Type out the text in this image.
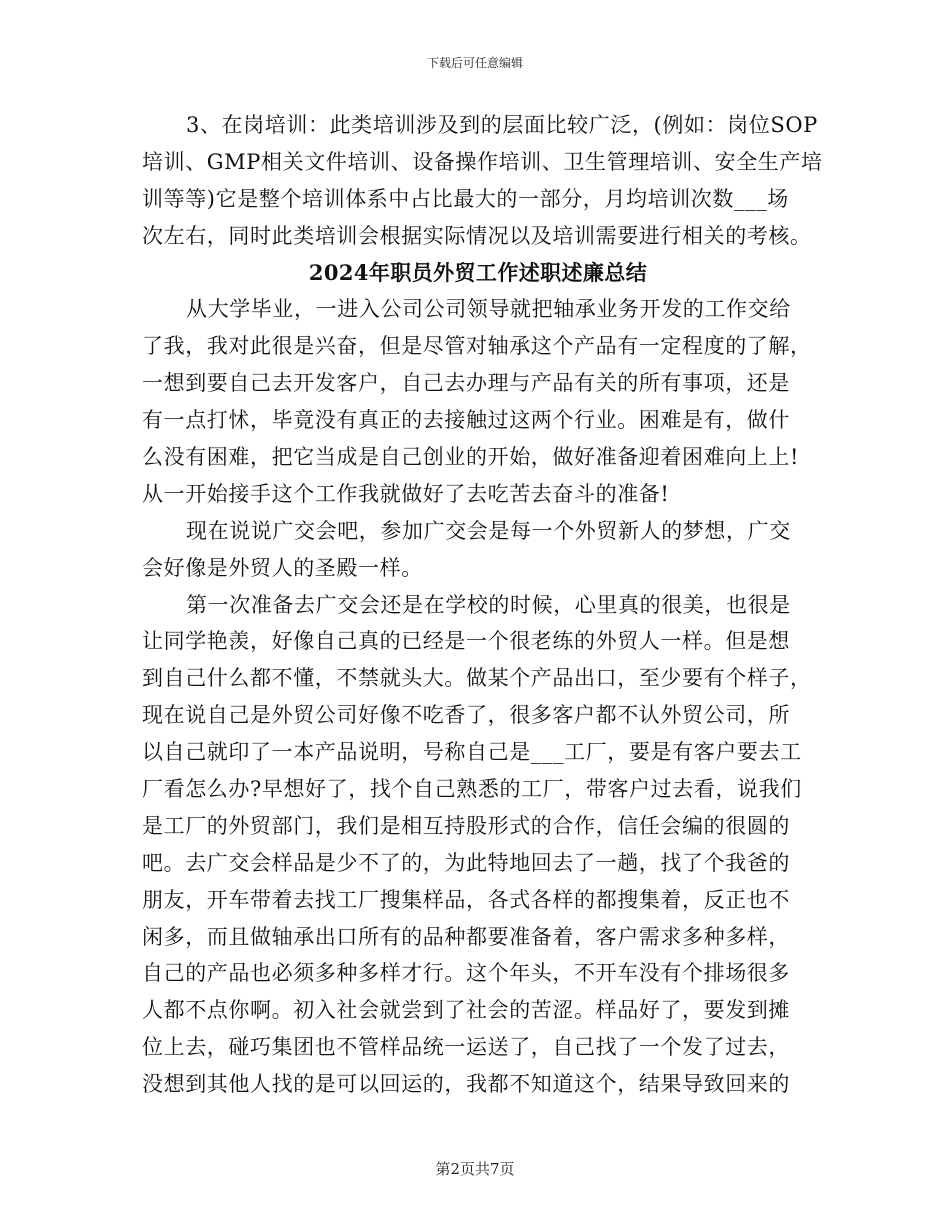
下载后可任意编辑
3、在岗培训：此类培训涉及到的层面比较广泛，(例如：岗位SOP
培训、GMP相关文件培训、设备操作培训、卫生管理培训、安全生产培
训等等)它是整个培训体系中占比最大的一部分，月均培训次数___场
次左右，同时此类培训会根据实际情况以及培训需要进行相关的考核。
2024年职员外贸工作述职述廉总结
从大学毕业，一进入公司公司领导就把轴承业务开发的工作交给
了我，我对此很是兴奋，但是尽管对轴承这个产品有一定程度的了解，
一想到要自己去开发客户，自己去办理与产品有关的所有事项，还是
有一点打怵，毕竟没有真正的去接触过这两个行业。困难是有，做什
么没有困难，把它当成是自己创业的开始，做好准备迎着困难向上上!
从一开始接手这个工作我就做好了去吃苦去奋斗的准备!
现在说说广交会吧，参加广交会是每一个外贸新人的梦想，广交
会好像是外贸人的圣殿一样。
第一次准备去广交会还是在学校的时候，心里真的很美，也很是
让同学艳羡，好像自己真的已经是一个很老练的外贸人一样。但是想
到自己什么都不懂，不禁就头大。做某个产品出口，至少要有个样子，
现在说自己是外贸公司好像不吃香了，很多客户都不认外贸公司，所
以自己就印了一本产品说明，号称自己是___工厂，要是有客户要去工
厂看怎么办?早想好了，找个自己熟悉的工厂，带客户过去看，说我们
是工厂的外贸部门，我们是相互持股形式的合作，信任会编的很圆的
吧。去广交会样品是少不了的，为此特地回去了一趟，找了个我爸的
朋友，开车带着去找工厂搜集样品，各式各样的都搜集着，反正也不
闲多，而且做轴承出口所有的品种都要准备着，客户需求多种多样，
自己的产品也必须多种多样才行。这个年头，不开车没有个排场很多
人都不点你啊。初入社会就尝到了社会的苦涩。样品好了，要发到摊
位上去，碰巧集团也不管样品统一运送了，自己找了一个发了过去，
没想到其他人找的是可以回运的，我都不知道这个，结果导致回来的
第2页共7页
